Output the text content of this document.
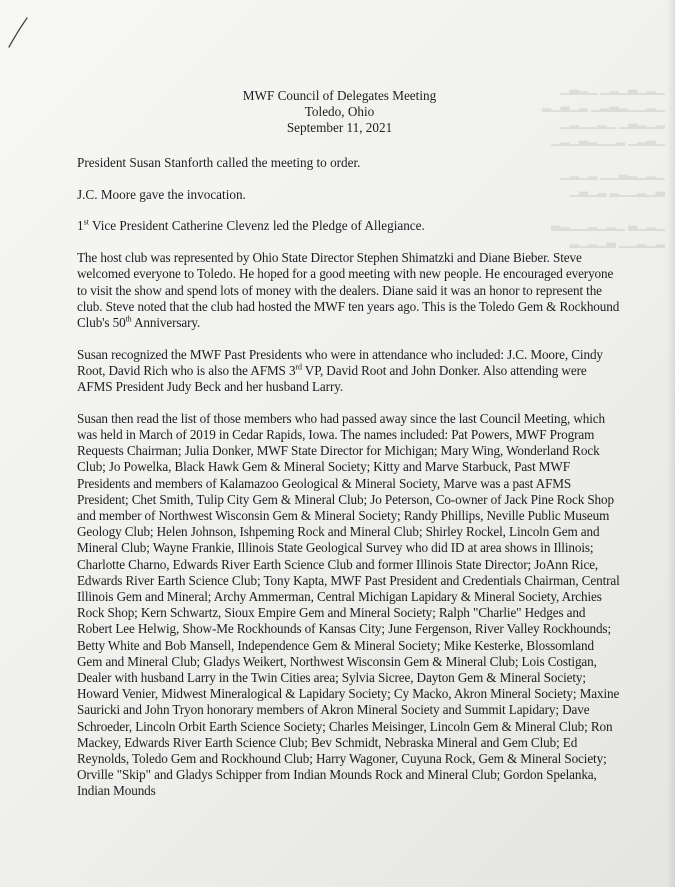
▁▂▁▃▁▂▁ ▁▂▃▁
▁▂▁▁▂▃▂▁ ▂▁▃▁▂
▂▁▂▃▁ ▁▂▁▁▂▁
▁▃▂▁ ▂▁▁▂▃▁▂▁

▁▂▁▂▃▁▁ ▂▁▂▁
▃▁▂▁▁▂ ▂▁▃▁

▁▂▁▃ ▁▂▁▂▁▁▂▃
▂▁▂▁▁ ▃▁▂▁▂
MWF Council of Delegates Meeting
Toledo, Ohio
September 11, 2021

President Susan Stanforth called the meeting to order.

J.C. Moore gave the invocation.

1st Vice President Catherine Clevenz led the Pledge of Allegiance.

The host club was represented by Ohio State Director Stephen Shimatzki and Diane Bieber. Steve welcomed everyone to Toledo. He hoped for a good meeting with new people. He encouraged everyone to visit the show and spend lots of money with the dealers. Diane said it was an honor to represent the club. Steve noted that the club had hosted the MWF ten years ago. This is the Toledo Gem & Rockhound Club's 50th Anniversary.

Susan recognized the MWF Past Presidents who were in attendance who included: J.C. Moore, Cindy Root, David Rich who is also the AFMS 3rd VP, David Root and John Donker. Also attending were AFMS President Judy Beck and her husband Larry.

Susan then read the list of those members who had passed away since the last Council Meeting, which was held in March of 2019 in Cedar Rapids, Iowa. The names included: Pat Powers, MWF Program Requests Chairman; Julia Donker, MWF State Director for Michigan; Mary Wing, Wonderland Rock Club; Jo Powelka, Black Hawk Gem & Mineral Society; Kitty and Marve Starbuck, Past MWF Presidents and members of Kalamazoo Geological & Mineral Society, Marve was a past AFMS President; Chet Smith, Tulip City Gem & Mineral Club; Jo Peterson, Co-owner of Jack Pine Rock Shop and member of Northwest Wisconsin Gem & Mineral Society; Randy Phillips, Neville Public Museum Geology Club; Helen Johnson, Ishpeming Rock and Mineral Club; Shirley Rockel, Lincoln Gem and Mineral Club; Wayne Frankie, Illinois State Geological Survey who did ID at area shows in Illinois; Charlotte Charno, Edwards River Earth Science Club and former Illinois State Director; JoAnn Rice, Edwards River Earth Science Club; Tony Kapta, MWF Past President and Credentials Chairman, Central Illinois Gem and Mineral; Archy Ammerman, Central Michigan Lapidary & Mineral Society, Archies Rock Shop; Kern Schwartz, Sioux Empire Gem and Mineral Society; Ralph "Charlie" Hedges and Robert Lee Helwig, Show-Me Rockhounds of Kansas City; June Fergenson, River Valley Rockhounds; Betty White and Bob Mansell, Independence Gem & Mineral Society; Mike Kesterke, Blossomland Gem and Mineral Club; Gladys Weikert, Northwest Wisconsin Gem & Mineral Club; Lois Costigan, Dealer with husband Larry in the Twin Cities area; Sylvia Sicree, Dayton Gem & Mineral Society; Howard Venier, Midwest Mineralogical & Lapidary Society; Cy Macko, Akron Mineral Society; Maxine Sauricki and John Tryon honorary members of Akron Mineral Society and Summit Lapidary; Dave Schroeder, Lincoln Orbit Earth Science Society; Charles Meisinger, Lincoln Gem & Mineral Club; Ron Mackey, Edwards River Earth Science Club; Bev Schmidt, Nebraska Mineral and Gem Club; Ed Reynolds, Toledo Gem and Rockhound Club; Harry Wagoner, Cuyuna Rock, Gem & Mineral Society; Orville "Skip" and Gladys Schipper from Indian Mounds Rock and Mineral Club; Gordon Spelanka, Indian Mounds
